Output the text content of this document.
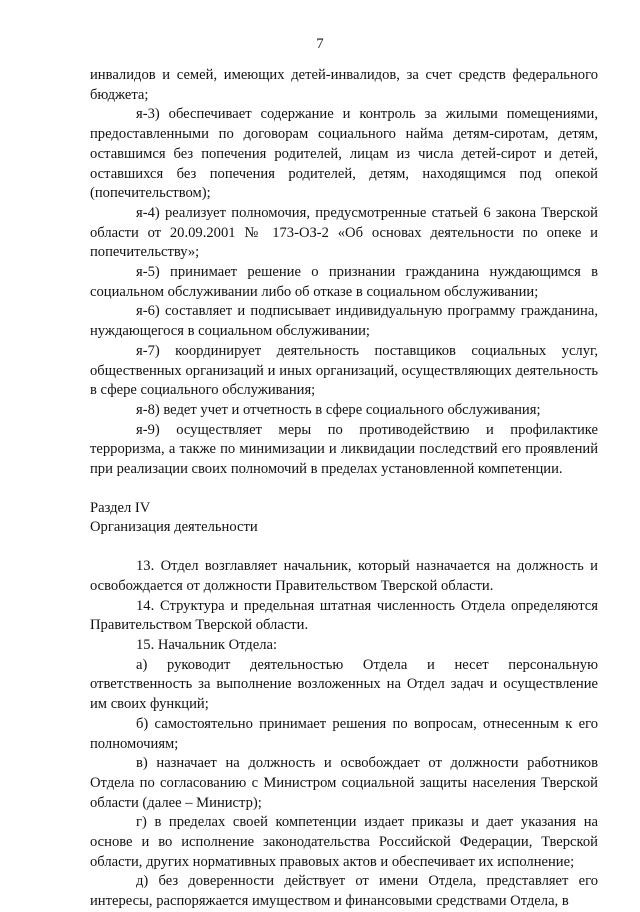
7

инвалидов и семей, имеющих детей-инвалидов, за счет средств федерального бюджета;

я-3) обеспечивает содержание и контроль за жилыми помещениями, предоставленными по договорам социального найма детям-сиротам, детям, оставшимся без попечения родителей, лицам из числа детей-сирот и детей, оставшихся без попечения родителей, детям, находящимся под опекой (попечительством);

я-4) реализует полномочия, предусмотренные статьей 6 закона Тверской области от 20.09.2001 № 173-ОЗ-2 «Об основах деятельности по опеке и попечительству»;

я-5) принимает решение о признании гражданина нуждающимся в социальном обслуживании либо об отказе в социальном обслуживании;

я-6) составляет и подписывает индивидуальную программу гражданина, нуждающегося в социальном обслуживании;

я-7) координирует деятельность поставщиков социальных услуг, общественных организаций и иных организаций, осуществляющих деятельность в сфере социального обслуживания;

я-8) ведет учет и отчетность в сфере социального обслуживания;

я-9) осуществляет меры по противодействию и профилактике терроризма, а также по минимизации и ликвидации последствий его проявлений при реализации своих полномочий в пределах установленной компетенции.

Раздел IV

Организация деятельности

13. Отдел возглавляет начальник, который назначается на должность и освобождается от должности Правительством Тверской области.

14. Структура и предельная штатная численность Отдела определяются Правительством Тверской области.

15. Начальник Отдела:

а) руководит деятельностью Отдела и несет персональную ответственность за выполнение возложенных на Отдел задач и осуществление им своих функций;

б) самостоятельно принимает решения по вопросам, отнесенным к его полномочиям;

в) назначает на должность и освобождает от должности работников Отдела по согласованию с Министром социальной защиты населения Тверской области (далее – Министр);

г) в пределах своей компетенции издает приказы и дает указания на основе и во исполнение законодательства Российской Федерации, Тверской области, других нормативных правовых актов и обеспечивает их исполнение;

д) без доверенности действует от имени Отдела, представляет его интересы, распоряжается имуществом и финансовыми средствами Отдела, в
